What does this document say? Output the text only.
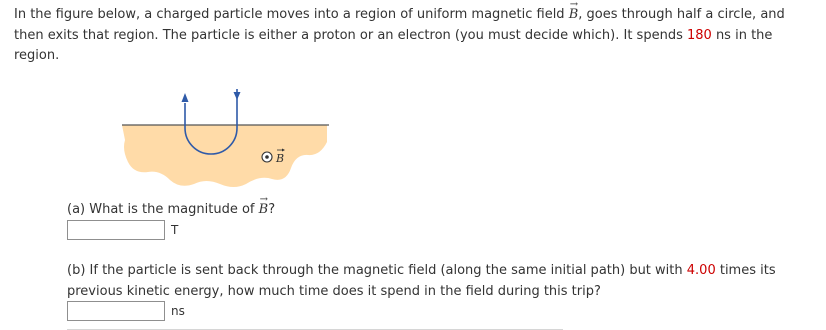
In the figure below, a charged particle moves into a region of uniform magnetic field → B, goes through half a circle, and then exits that region. The particle is either a proton or an electron (you must decide which). It spends 180 ns in the region.

B

(a) What is the magnitude of → B?

T

(b) If the particle is sent back through the magnetic field (along the same initial path) but with 4.00 times its previous kinetic energy, how much time does it spend in the field during this trip?

ns
